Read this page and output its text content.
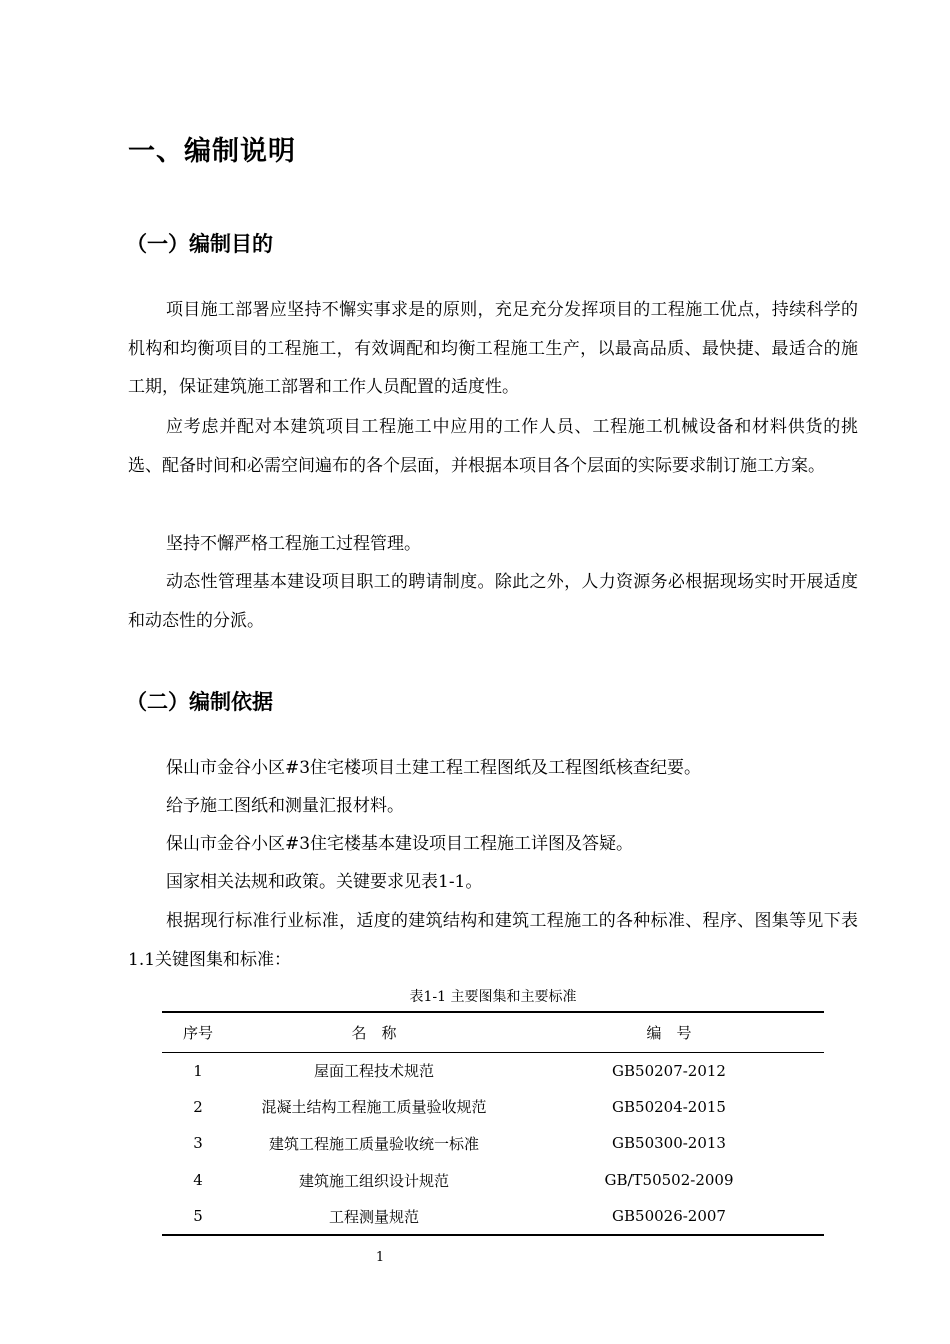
一、编制说明
（一）编制目的

项目施工部署应坚持不懈实事求是的原则，充足充分发挥项目的工程施工优点，持续科学的机构和均衡项目的工程施工，有效调配和均衡工程施工生产，以最高品质、最快捷、最适合的施工期，保证建筑施工部署和工作人员配置的适度性。

应考虑并配对本建筑项目工程施工中应用的工作人员、工程施工机械设备和材料供货的挑选、配备时间和必需空间遍布的各个层面，并根据本项目各个层面的实际要求制订施工方案。

坚持不懈严格工程施工过程管理。

动态性管理基本建设项目职工的聘请制度。除此之外，人力资源务必根据现场实时开展适度和动态性的分派。

（二）编制依据

保山市金谷小区#3住宅楼项目土建工程工程图纸及工程图纸核查纪要。

给予施工图纸和测量汇报材料。

保山市金谷小区#3住宅楼基本建设项目工程施工详图及答疑。

国家相关法规和政策。关键要求见表1-1。

根据现行标准行业标准，适度的建筑结构和建筑工程施工的各种标准、程序、图集等见下表1.1关键图集和标准：

表1-1 主要图集和主要标准
序号	名　称	编　号
1	屋面工程技术规范	GB50207-2012
2	混凝土结构工程施工质量验收规范	GB50204-2015
3	建筑工程施工质量验收统一标准	GB50300-2013
4	建筑施工组织设计规范	GB/T50502-2009
5	工程测量规范	GB50026-2007
1
